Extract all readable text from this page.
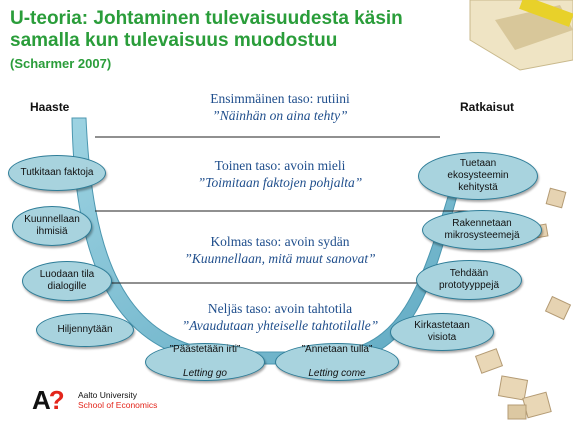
U-teoria: Johtaminen tulevaisuudesta käsin samalla kun tulevaisuus muodostuu
(Scharmer 2007)
Haaste	Ratkaisut
Ensimmäinen taso: rutiini
”Näinhän on aina tehty”
Toinen taso: avoin mieli
”Toimitaan faktojen pohjalta”
Kolmas taso: avoin sydän
”Kuunnellaan, mitä muut sanovat”
Neljäs taso: avoin tahtotila
”Avaudutaan yhteiselle tahtotilalle”
Tutkitaan faktoja
Kuunnellaan
ihmisiä
Luodaan tila
dialogille
Hiljennytään

”Päästetään irti”

Letting go

”Annetaan tulla”

Letting come

Tuetaan
ekosysteemin
kehitystä
Rakennetaan
mikrosysteemejä
Tehdään
prototyyppejä
Kirkastetaan
visiota
A? Aalto University
School of Economics
